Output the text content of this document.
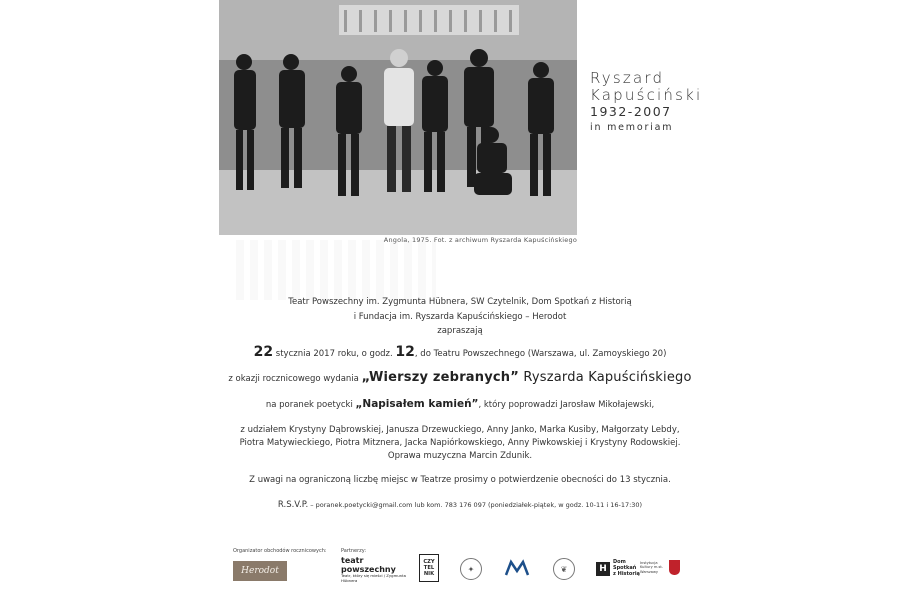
Angola, 1975. Fot. z archiwum Ryszarda Kapuścińskiego
Ryszard
Kapuściński
1932-2007
in memoriam
Teatr Powszechny im. Zygmunta Hübnera, SW Czytelnik, Dom Spotkań z Historią
i Fundacja im. Ryszarda Kapuścińskiego – Herodot
zapraszają
22 stycznia 2017 roku, o godz. 12, do Teatru Powszechnego (Warszawa, ul. Zamoyskiego 20)
z okazji rocznicowego wydania „Wierszy zebranych” Ryszarda Kapuścińskiego
na poranek poetycki „Napisałem kamień”, który poprowadzi Jarosław Mikołajewski,
z udziałem Krystyny Dąbrowskiej, Janusza Drzewuckiego, Anny Janko, Marka Kusiby, Małgorzaty Lebdy,
Piotra Matywieckiego, Piotra Mitznera, Jacka Napiórkowskiego, Anny Piwkowskiej i Krystyny Rodowskiej.
Oprawa muzyczna Marcin Zdunik.
Z uwagi na ograniczoną liczbę miejsc w Teatrze prosimy o potwierdzenie obecności do 13 stycznia.
R.S.V.P. – poranek.poetycki@gmail.com lub kom. 783 176 097 (poniedziałek-piątek, w godz. 10-11 i 16-17:30)
Organizator obchodów rocznicowych:	Partnerzy:
Herodot
teatr powszechny
Teatr, który się mieści / Zygmunta Hübnera
CZY
TEL
NIK
✦	❦	H
Dom
Spotkań
z Historią
Instytucja Kultury m.st. Warszawy
